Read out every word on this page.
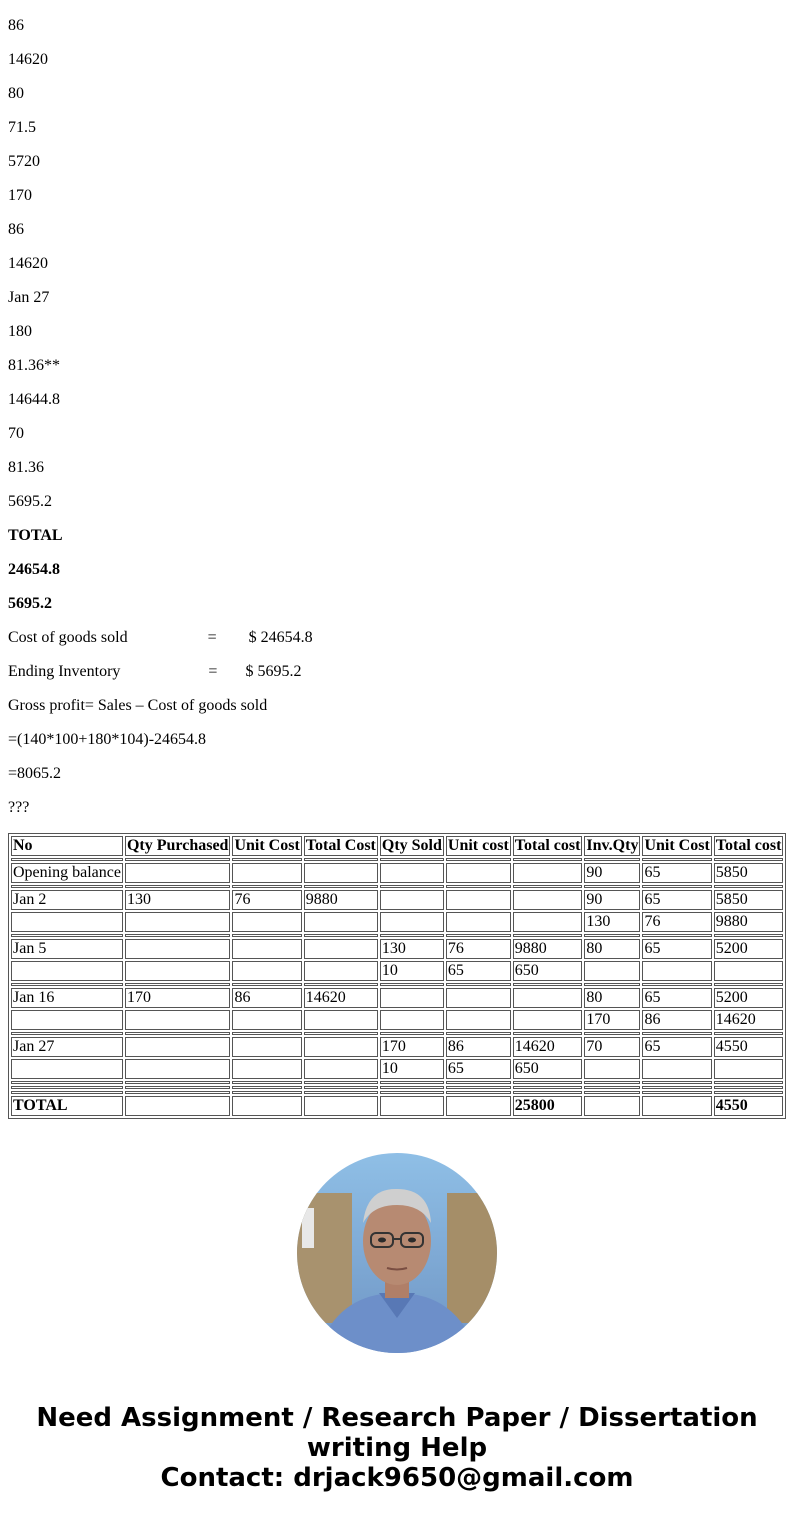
86
14620
80
71.5
5720
170
86
14620
Jan 27
180
81.36**
14644.8
70
81.36
5695.2
TOTAL
24654.8
5695.2
Cost of goods sold                    =        $ 24654.8
Ending Inventory                      =       $ 5695.2
Gross profit= Sales – Cost of goods sold
=(140*100+180*104)-24654.8
=8065.2
???
No	Qty Purchased	Unit Cost	Total Cost	Qty Sold	Unit cost	Total cost	Inv.Qty	Unit Cost	Total cost

Opening balance							90	65	5850

Jan 2	130	76	9880				90	65	5850
							130	76	9880

Jan 5				130	76	9880	80	65	5200
				10	65	650			

Jan 16	170	86	14620				80	65	5200
							170	86	14620

Jan 27				170	86	14620	70	65	4550
				10	65	650			

TOTAL						25800			4550
Need Assignment / Research Paper / Dissertation
writing Help
Contact: drjack9650@gmail.com
